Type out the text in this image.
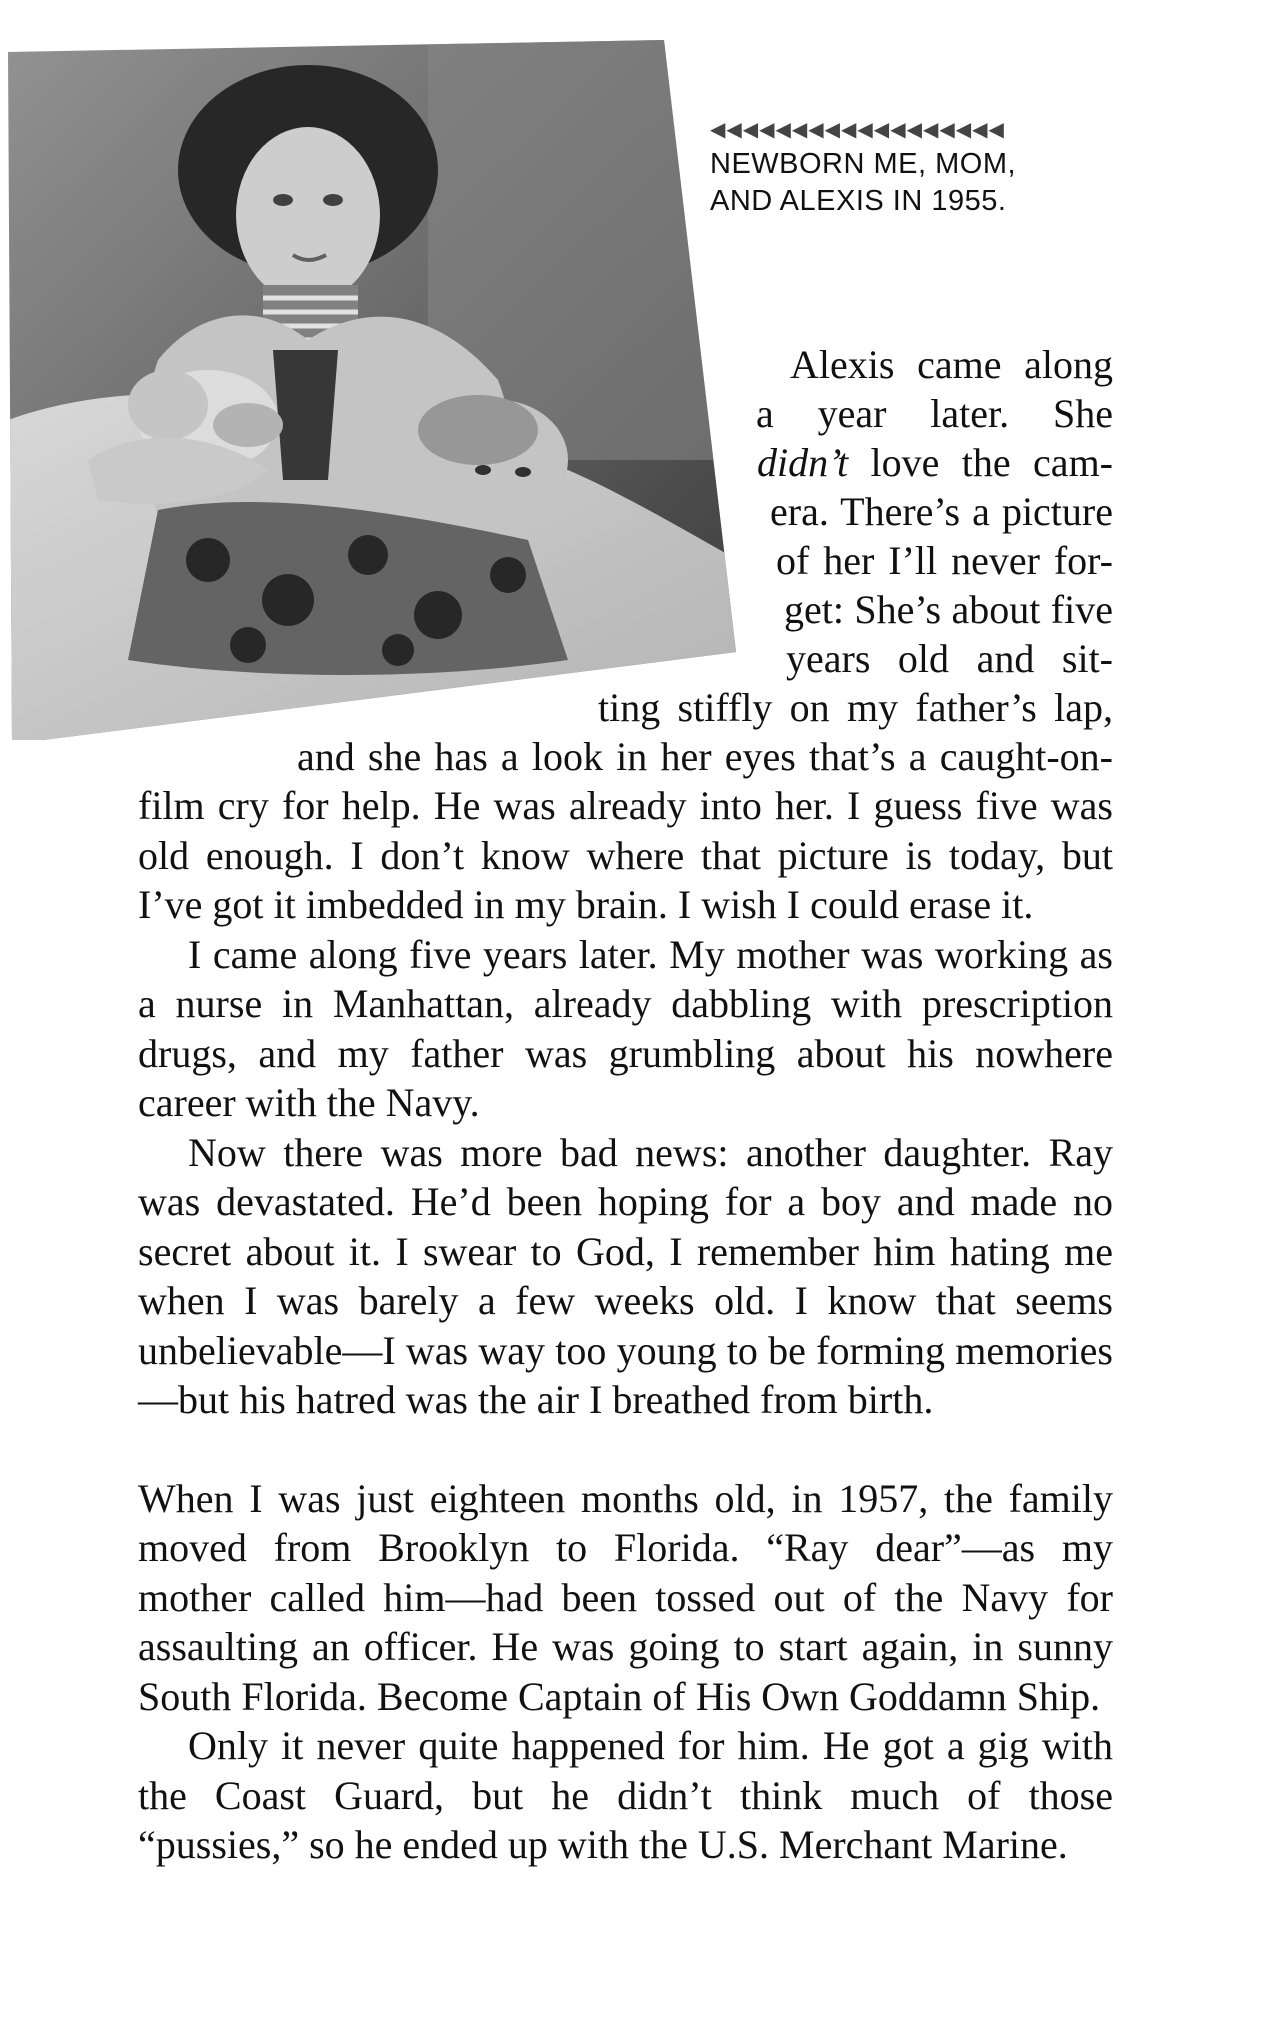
◀◀◀◀◀◀◀◀◀◀◀◀◀◀◀◀◀◀
NEWBORN ME, MOM,
AND ALEXIS IN 1955.
Alexis came along
a year later. She
didn’t love the cam-
era. There’s a picture
of her I’ll never for-
get: She’s about five
years old and sit-
ting stiffly on my father’s lap,
and she has a look in her eyes that’s a caught-on-

film cry for help. He was already into her. I guess five was old enough. I don’t know where that picture is today, but I’ve got it imbedded in my brain. I wish I could erase it.

I came along five years later. My mother was working as a nurse in Manhattan, already dabbling with prescription drugs, and my father was grumbling about his nowhere career with the Navy.

Now there was more bad news: another daughter. Ray was devastated. He’d been hoping for a boy and made no secret about it. I swear to God, I remember him hating me when I was barely a few weeks old. I know that seems unbelievable—I was way too young to be forming memories—but his hatred was the air I breathed from birth.

When I was just eighteen months old, in 1957, the family moved from Brooklyn to Florida. “Ray dear”—as my mother called him—had been tossed out of the Navy for assaulting an officer. He was going to start again, in sunny South Florida. Become Captain of His Own Goddamn Ship.

Only it never quite happened for him. He got a gig with the Coast Guard, but he didn’t think much of those “pussies,” so he ended up with the U.S. Merchant Marine.
